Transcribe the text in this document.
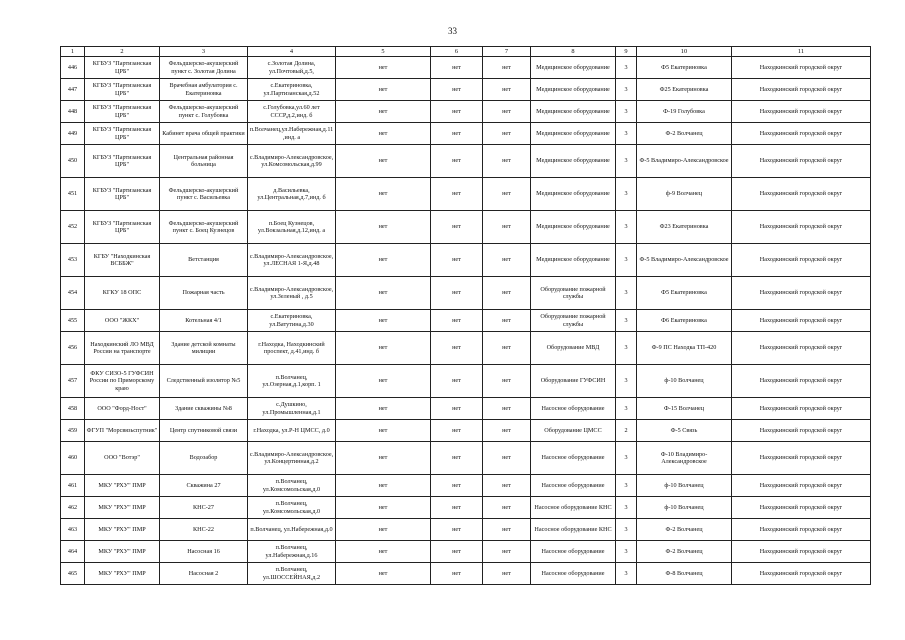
33
1	2	3	4	5	6	7	8	9	10	11
446	КГБУЗ "Партизанская ЦРБ"	Фельдшерско-акушерский пункт с. Золотая Долина	с.Золотая Долина, ул.Почтовый,д.5,	нет	нет	нет	Медицинское оборудование	3	Ф5 Екатериновка	Находкинский городской округ
447	КГБУЗ "Партизанская ЦРБ"	Врачебная амбулатория с. Екатериновка	с.Екатериновка, ул.Партизанская,д.52	нет	нет	нет	Медицинское оборудование	3	Ф25 Екатериновка	Находкинский городской округ
448	КГБУЗ "Партизанская ЦРБ"	Фельдшерско-акушерский пункт с. Голубовка	с.Голубовка,ул.60 лет СССР,д.2,инд. б	нет	нет	нет	Медицинское оборудование	3	Ф-19 Голубовка	Находкинский городской округ
449	КГБУЗ "Партизанская ЦРБ"	Кабинет врача общей практики	п.Волчанец,ул.Набережная,д.11,инд. а	нет	нет	нет	Медицинское оборудование	3	Ф-2 Волчанец	Находкинский городской округ
450	КГБУЗ "Партизанская ЦРБ"	Центральная районная больница	с.Владимиро-Александровское, ул.Комсомольская,д.99	нет	нет	нет	Медицинское оборудование	3	Ф-5 Владимиро-Александровское	Находкинский городской округ
451	КГБУЗ "Партизанская ЦРБ"	Фельдшерско-акушерский пункт с. Васильевка	д.Васильевка, ул.Центральная,д.7,инд. б	нет	нет	нет	Медицинское оборудование	3	ф-9 Волчанец	Находкинский городской округ
452	КГБУЗ "Партизанская ЦРБ"	Фельдшерско-акушерский пункт с. Боец Кузнецов	п.Боец Кузнецов, ул.Вокзальная,д.12,инд. а	нет	нет	нет	Медицинское оборудование	3	Ф23 Екатериновка	Находкинский городской округ
453	КГБУ "Находкинская ВСББЖ"	Ветстанция	с.Владимиро-Александровское, ул.ЛЕСНАЯ 1-Я,д.48	нет	нет	нет	Медицинское оборудование	3	Ф-5 Владимиро-Александровское	Находкинский городской округ
454	КГКУ 18 ОПС	Пожарная часть	с.Владимиро-Александровское, ул.Зеленый , д.5	нет	нет	нет	Оборудование пожарной службы	3	Ф5 Екатериновка	Находкинский городской округ
455	ООО "ЖКХ"	Котельная 4/1	с.Екатериновка, ул.Ватутина,д.30	нет	нет	нет	Оборудование пожарной службы	3	Ф6 Екатериновка	Находкинский городской округ
456	Находкинский ЛО МВД России на транспорте	Здание детской комнаты милиции	г.Находка, Находкинский проспект, д.41,инд. б	нет	нет	нет	Оборудование МВД	3	Ф-9 ПС Находка ТП-420	Находкинский городской округ
457	ФКУ СИЗО-5 ГУФСИН России по Приморскому краю	Следственный изолятор №5	п.Волчанец, ул.Озерная,д.1,корп. 1	нет	нет	нет	Оборудование ГУФСИН	3	ф-10 Волчанец	Находкинский городской округ
458	ООО "Форд-Ност"	Здание скважины №8	с.Душкино, ул.Промышленная,д.1	нет	нет	нет	Насосное оборудование	3	Ф-15 Волчанец	Находкинский городской округ
459	ФГУП "Морсвязьспутник"	Центр спутниковой связи	г.Находка, ул.Р-Н ЦМСС, д.0	нет	нет	нет	Оборудование ЦМСС	2	Ф-5 Связь	Находкинский городской округ
460	ООО "Вотэр"	Водозабор	с.Владимиро-Александровское, ул.Концертинная,д.2	нет	нет	нет	Насосное оборудование	3	Ф-10 Владимиро-Александровское	Находкинский городской округ
461	МКУ "РХУ" ПМР	Скважина 27	п.Волчанец, ул.Комсомольская,д.0	нет	нет	нет	Насосное оборудование	3	ф-10 Волчанец	Находкинский городской округ
462	МКУ "РХУ" ПМР	КНС-27	п.Волчанец, ул.Комсомольская,д.0	нет	нет	нет	Насосное оборудование КНС	3	ф-10 Волчанец	Находкинский городской округ
463	МКУ "РХУ" ПМР	КНС-22	п.Волчанец, ул.Набережная,д.0	нет	нет	нет	Насосное оборудование КНС	3	Ф-2 Волчанец	Находкинский городской округ
464	МКУ "РХУ" ПМР	Насосная 16	п.Волчанец, ул.Набережная,д.16	нет	нет	нет	Насосное оборудование	3	Ф-2 Волчанец	Находкинский городской округ
465	МКУ "РХУ" ПМР	Насосная 2	п.Волчанец, ул.ШОССЕЙНАЯ,д.2	нет	нет	нет	Насосное оборудование	3	Ф-8 Волчанец	Находкинский городской округ
